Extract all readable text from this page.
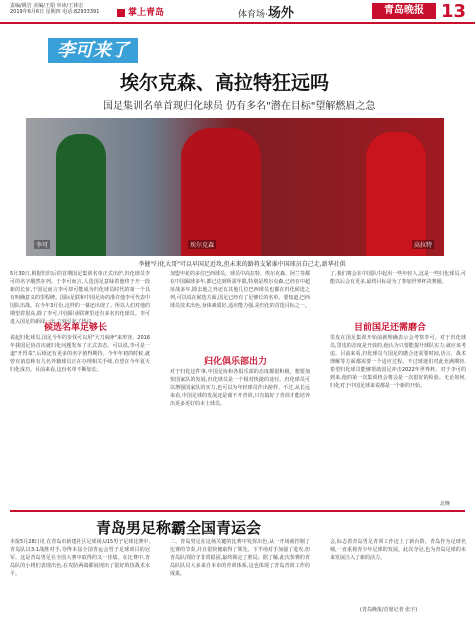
责编/姚岩 美编/王娟 审读/王林宏
2019年6月6日 星期四 电话:82933391	掌上青岛	体育场·场外	青岛晚报 13
李可来了
埃尔克森、高拉特狂远吗
国足集训名单首现归化球员 仍有多名"潜在目标"望解燃眉之急
李可	埃尔克森	高拉特
李健"归化大哥"可以早国足近攻,但未来的路将支紧谁中国球员自己走,新华社供
5月30日,根据归归后的首期国足集训名单正式出炉,归化球员李可的名字醒然在列。于李可而言,人选国足意味着他终于开一段新的长征,于国足而言李可却可能成为归化球员时代的第一个具有明确意义的里程碑。国际足联和中国足协的准许他李可代表中国队出战。在今年3月份,这样的一幕还出现了。所以人们对他的期望着很高,除了李可,中国职业联赛里还有多名归化球员。李可进入国足的新闻一出,立刻引起了热议。
候选名单足够长
说起归化球员,国足今年的步伐可以用"大刀阔斧"来形容。2016年我国足协首次就归化问题发布了正式表态。可以说,李可是一道"开胃菜",后续还有更多的名字值得期待。今年年初的时候,就曾有消息称有几名外籍球员正在办理相关手续,有望在今年夏天归化成功。目前来看,这份名单不断加长。
加盟申花的多位巴西球员。球员中高拉特、埃尔克森、阿兰等都在中国踢球多年,都已达到所需年限,特别是埃尔克森,已经在中超征战多年,除去他之外还有其他几位巴西球员也都在归化候选之列,可以说在候选方面,国足已经有了足够长的名单。要知道,巴西球员技术出色,身体素质好,适应能力强,是归化的首选目标之一。
归化俱乐部出力
对于归化这件事,中国足协和各俱乐部的态度都很积极。想要加快国家队的发展,归化球员是一个相对快捷的途径。归化球员可以增强国家队的实力,也可以为年轻球员作出榜样。不过,从长远来看,中国足球的发展还是离不开青训,只有搞好了青训才能培养出更多更好的本土球员。
了,我们将会在中国队中起用一些年轻人,这是一些归化球员,可能以后会有更多,最终目标是为了参加世界杯决赛圈。
目前国足还需磨合
里皮在国足集训开始前就明确表示会考察李可。对于归化球员,里皮的态度是开放的,他认为只要能提升球队实力,就应该考虑。目前来看,归化球员与国足的磨合还需要时间,语言、战术理解等方面都需要一个适应过程。不过球迷们对此充满期待,希望归化球员能够帮助国足冲击2022年世界杯。对于李可的到来,他的第一次集训机会将会是一次很好的检验。无论如何,归化对于中国足球来说都是一个新的开始。
北晚
青岛男足称霸全国青运会
本报5月28日讯 在青岛市新建社区足球场,U15男子足球比赛中,青岛队以3:1战胜对手,夺得本届全国青运会男子足球项目的冠军。这是青岛男足在全国大赛中取得的又一佳绩。在比赛中,青岛队的小将们表现出色,在攻防两端都展现出了很好的技战术水平。
二、青岛男足在这场关键的比赛中发挥出色,从一开场就控制了比赛的节奏,并且很快便取得了领先。下半场对手加强了进攻,但青岛队的防守非常稳固,最终锁定了胜局。据了解,此次参赛的青岛队队员大多来自本市的青训体系,这也体现了青岛青训工作的成果。
会,标志着青岛男足青训工作迈上了新台阶。青岛作为足球名城,一直重视青少年足球的发展。此次夺冠,也为青岛足球的未来发展注入了新的活力。
(青岛晚报/首席记者 张宇)
